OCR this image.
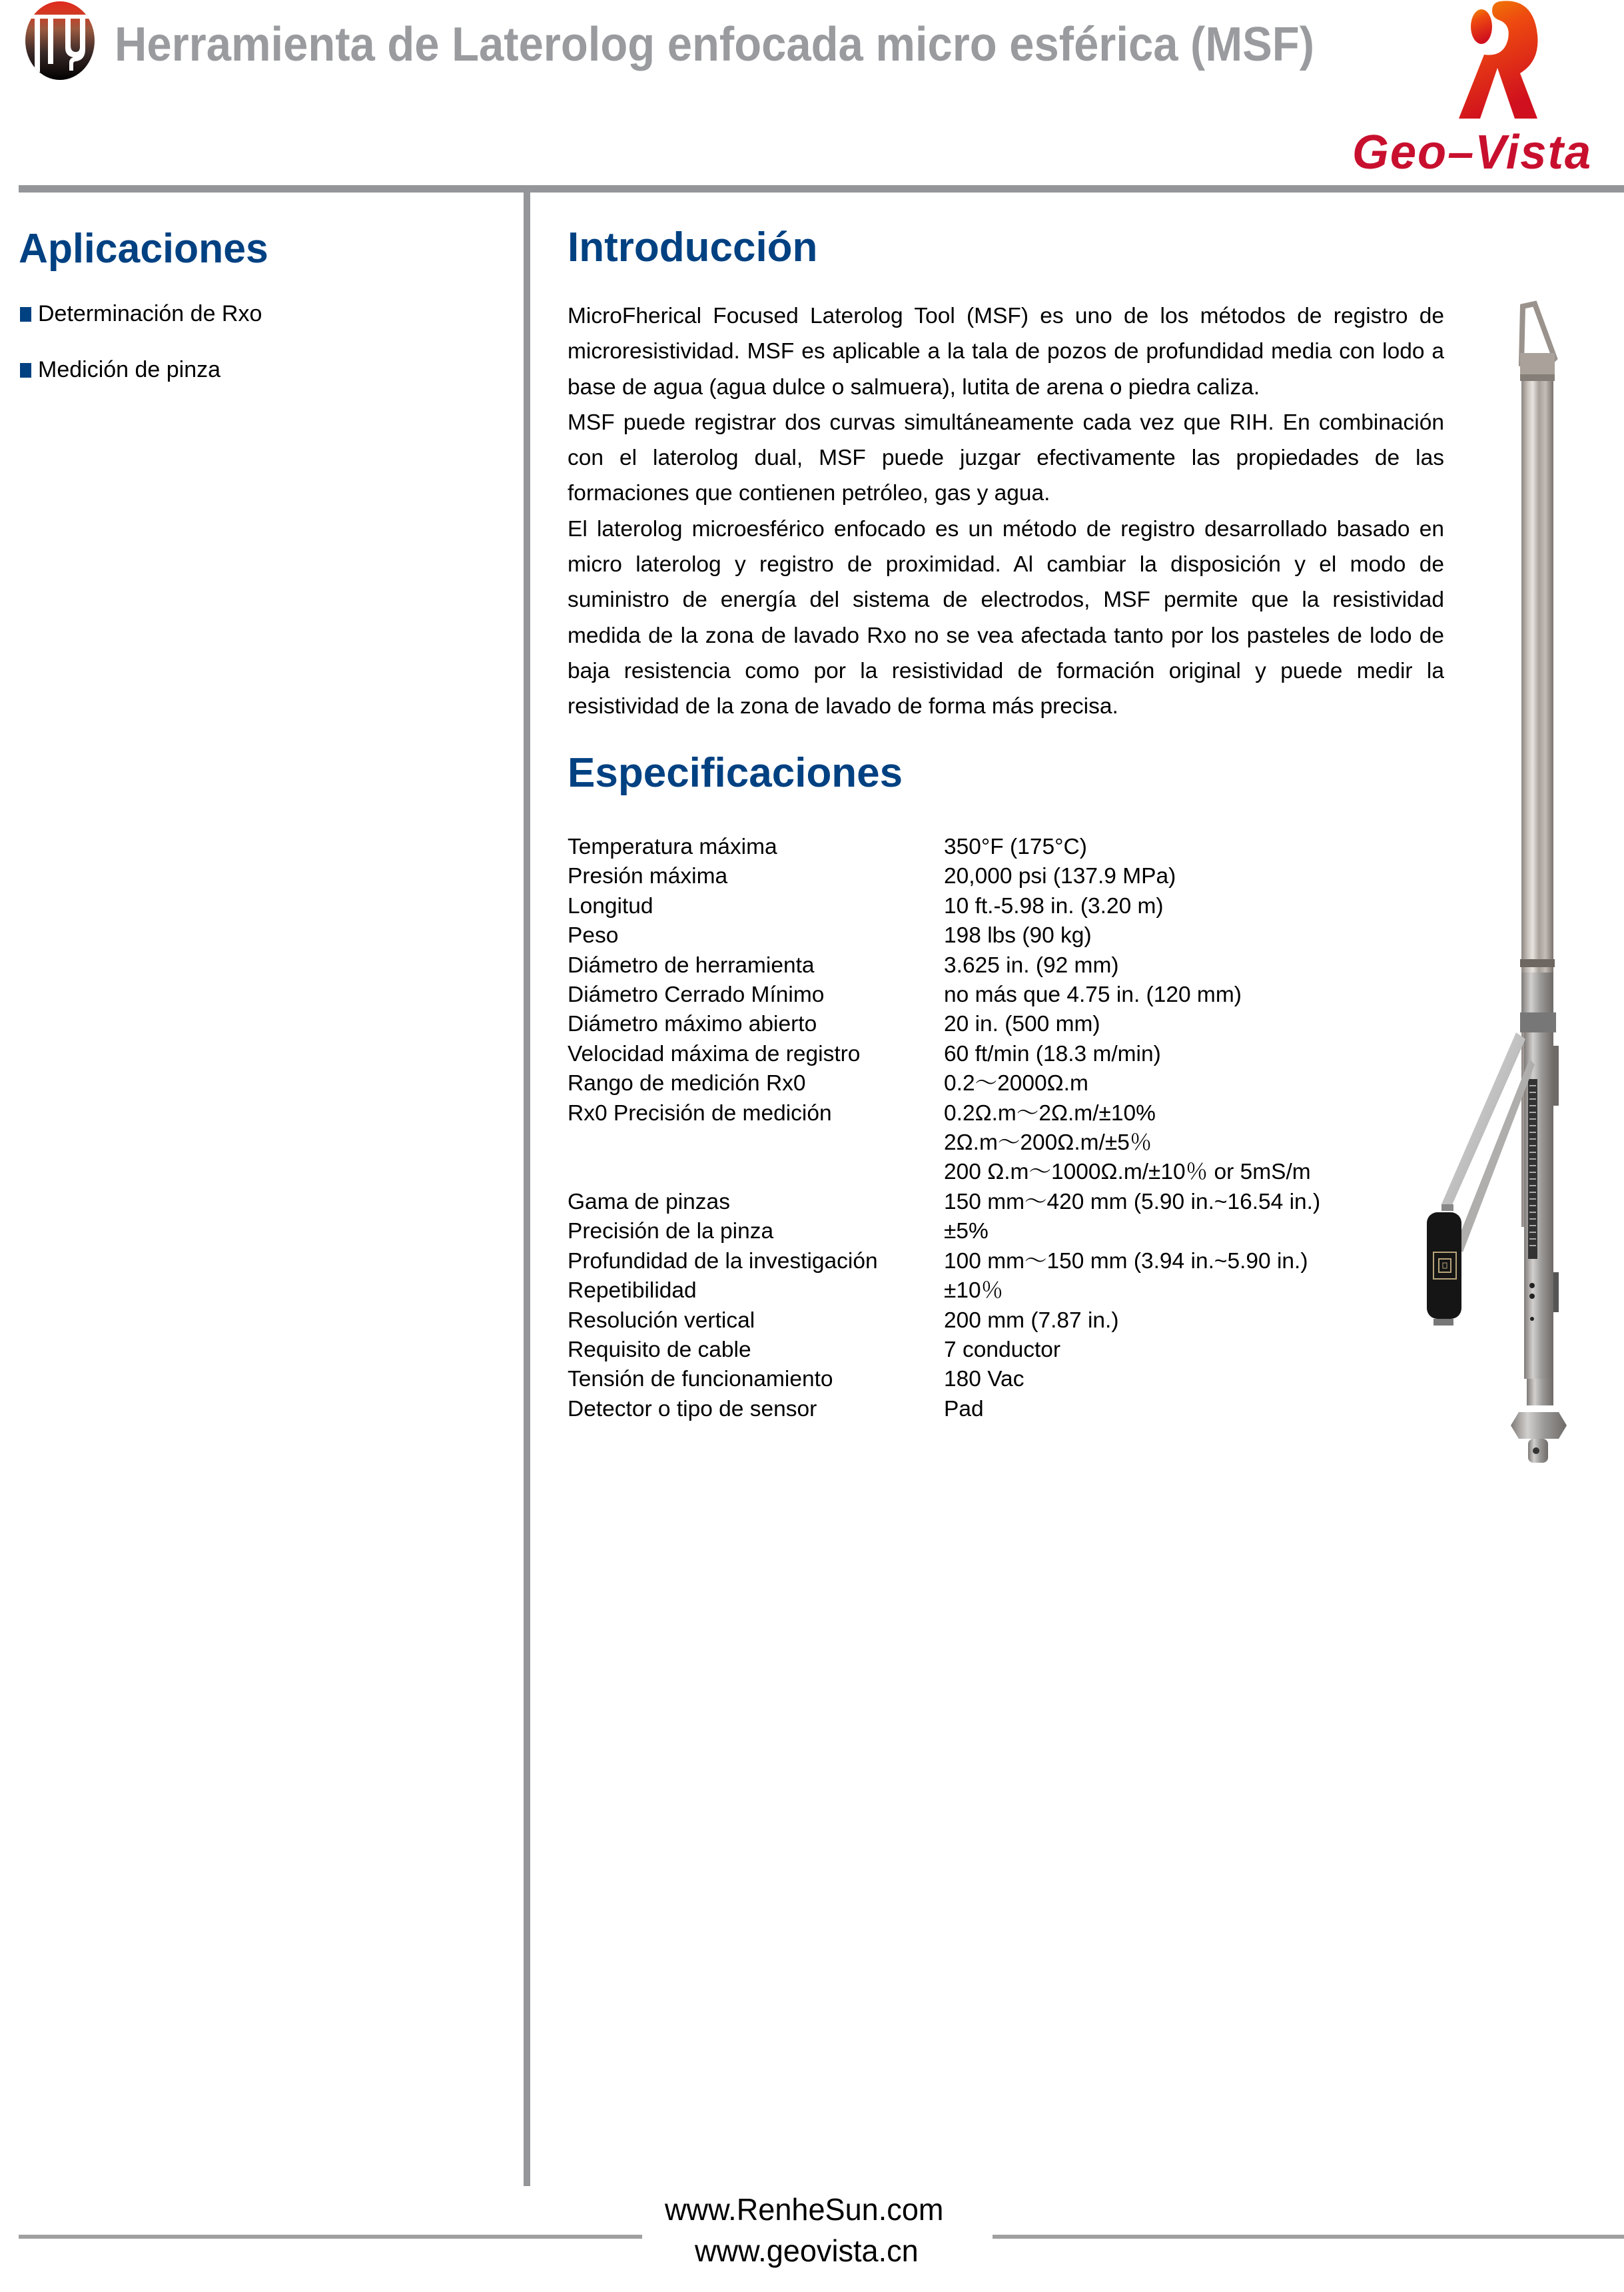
Herramienta de Laterolog enfocada micro esférica (MSF)
Geo–Vista
Aplicaciones
Determinación de Rxo
Medición de pinza
Introducción

MicroFherical Focused Laterolog Tool (MSF) es uno de los métodos de registro de microresistividad. MSF es aplicable a la tala de pozos de profundidad media con lodo a base de agua (agua dulce o salmuera), lutita de arena o piedra caliza.

MSF puede registrar dos curvas simultáneamente cada vez que RIH. En combinación con el laterolog dual, MSF puede juzgar efectivamente las propiedades de las formaciones que contienen petróleo, gas y agua.

El laterolog microesférico enfocado es un método de registro desarrollado basado en micro laterolog y registro de proximidad. Al cambiar la disposición y el modo de suministro de energía del sistema de electrodos, MSF permite que la resistividad medida de la zona de lavado Rxo no se vea afectada tanto por los pasteles de lodo de baja resistencia como por la resistividad de formación original y puede medir la resistividad de la zona de lavado de forma más precisa.

Especificaciones
Temperatura máxima	350°F (175°C)
Presión máxima	20,000 psi (137.9 MPa)
Longitud	10 ft.-5.98 in. (3.20 m)
Peso	198 lbs (90 kg)
Diámetro de herramienta	3.625 in. (92 mm)
Diámetro Cerrado Mínimo	no más que 4.75 in. (120 mm)
Diámetro máximo abierto	20 in. (500 mm)
Velocidad máxima de registro	60 ft/min (18.3 m/min)
Rango de medición Rx0	0.2～2000Ω.m
Rx0 Precisión de medición	0.2Ω.m～2Ω.m/±10%
2Ω.m～200Ω.m/±5％
200 Ω.m～1000Ω.m/±10％ or 5mS/m
Gama de pinzas	150 mm～420 mm (5.90 in.~16.54 in.)
Precisión de la pinza	±5%
Profundidad de la investigación	100 mm～150 mm (3.94 in.~5.90 in.)
Repetibilidad	±10％
Resolución vertical	200 mm (7.87 in.)
Requisito de cable	7 conductor
Tensión de funcionamiento	180 Vac
Detector o tipo de sensor	Pad
www.RenheSun.com
www.geovista.cn
